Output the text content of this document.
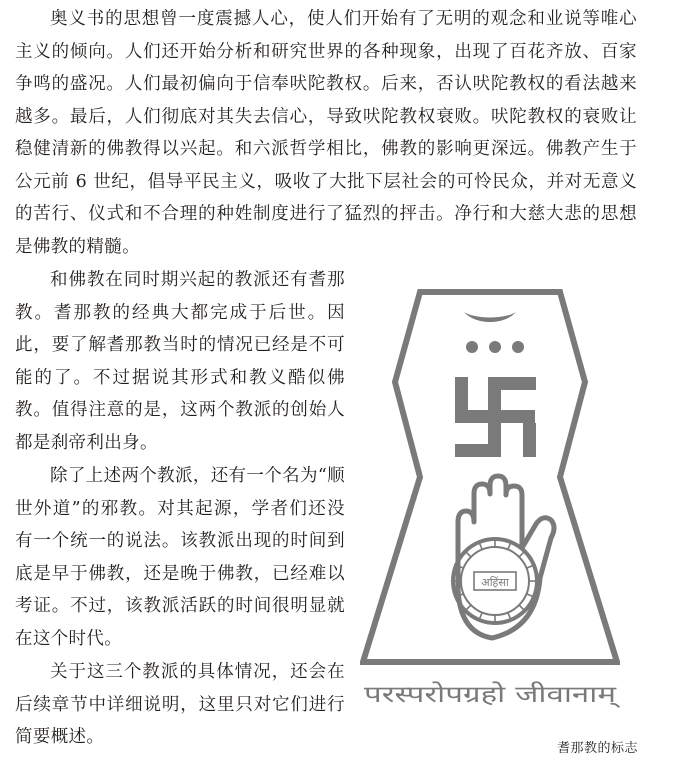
奥义书的思想曾一度震撼人心，使人们开始有了无明的观念和业说等唯心主义的倾向。人们还开始分析和研究世界的各种现象，出现了百花齐放、百家争鸣的盛况。人们最初偏向于信奉吠陀教权。后来，否认吠陀教权的看法越来越多。最后，人们彻底对其失去信心，导致吠陀教权衰败。吠陀教权的衰败让稳健清新的佛教得以兴起。和六派哲学相比，佛教的影响更深远。佛教产生于公元前 6 世纪，倡导平民主义，吸收了大批下层社会的可怜民众，并对无意义的苦行、仪式和不合理的种姓制度进行了猛烈的抨击。净行和大慈大悲的思想是佛教的精髓。

和佛教在同时期兴起的教派还有耆那教。耆那教的经典大都完成于后世。因此，要了解耆那教当时的情况已经是不可能的了。不过据说其形式和教义酷似佛教。值得注意的是，这两个教派的创始人都是刹帝利出身。

除了上述两个教派，还有一个名为“顺世外道”的邪教。对其起源，学者们还没有一个统一的说法。该教派出现的时间到底是早于佛教，还是晚于佛教，已经难以考证。不过，该教派活跃的时间很明显就在这个时代。

关于这三个教派的具体情况，还会在后续章节中详细说明，这里只对它们进行简要概述。

अहिंसा
परस्परोपग्रहो जीवानाम्
耆那教的标志
